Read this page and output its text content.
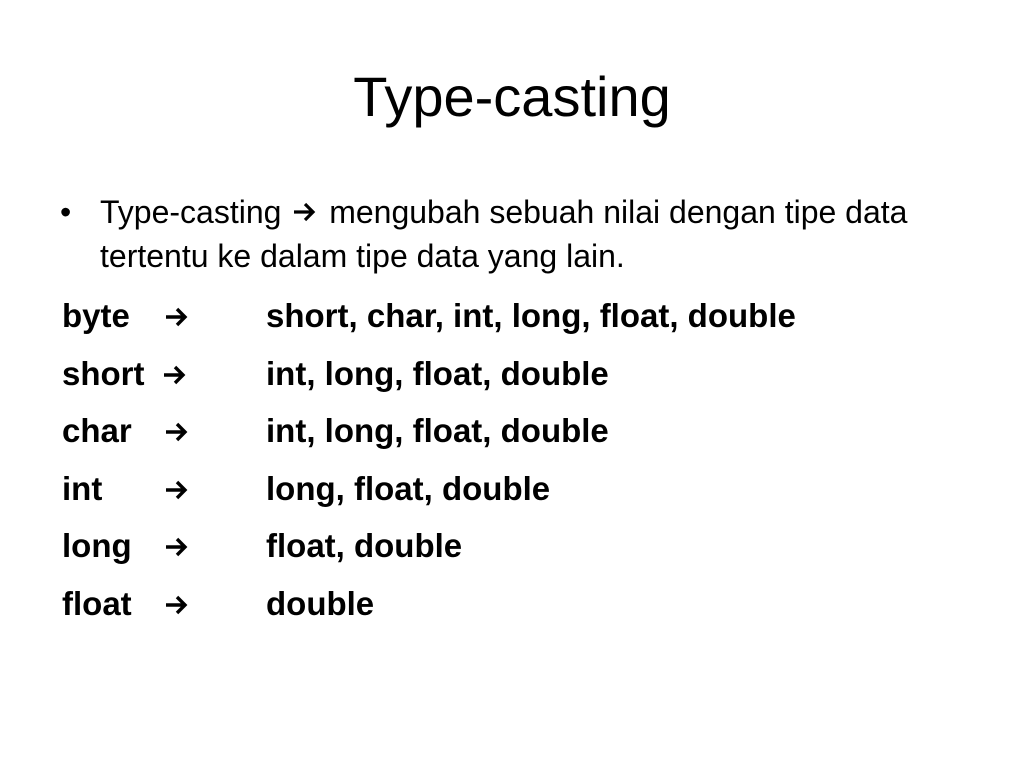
Type-casting
• Type-casting mengubah sebuah nilai dengan tipe data tertentu ke dalam tipe data yang lain.
byte	short, char, int, long, float, double
short	int, long, float, double
char	int, long, float, double
int	long, float, double
long	float, double
float	double
